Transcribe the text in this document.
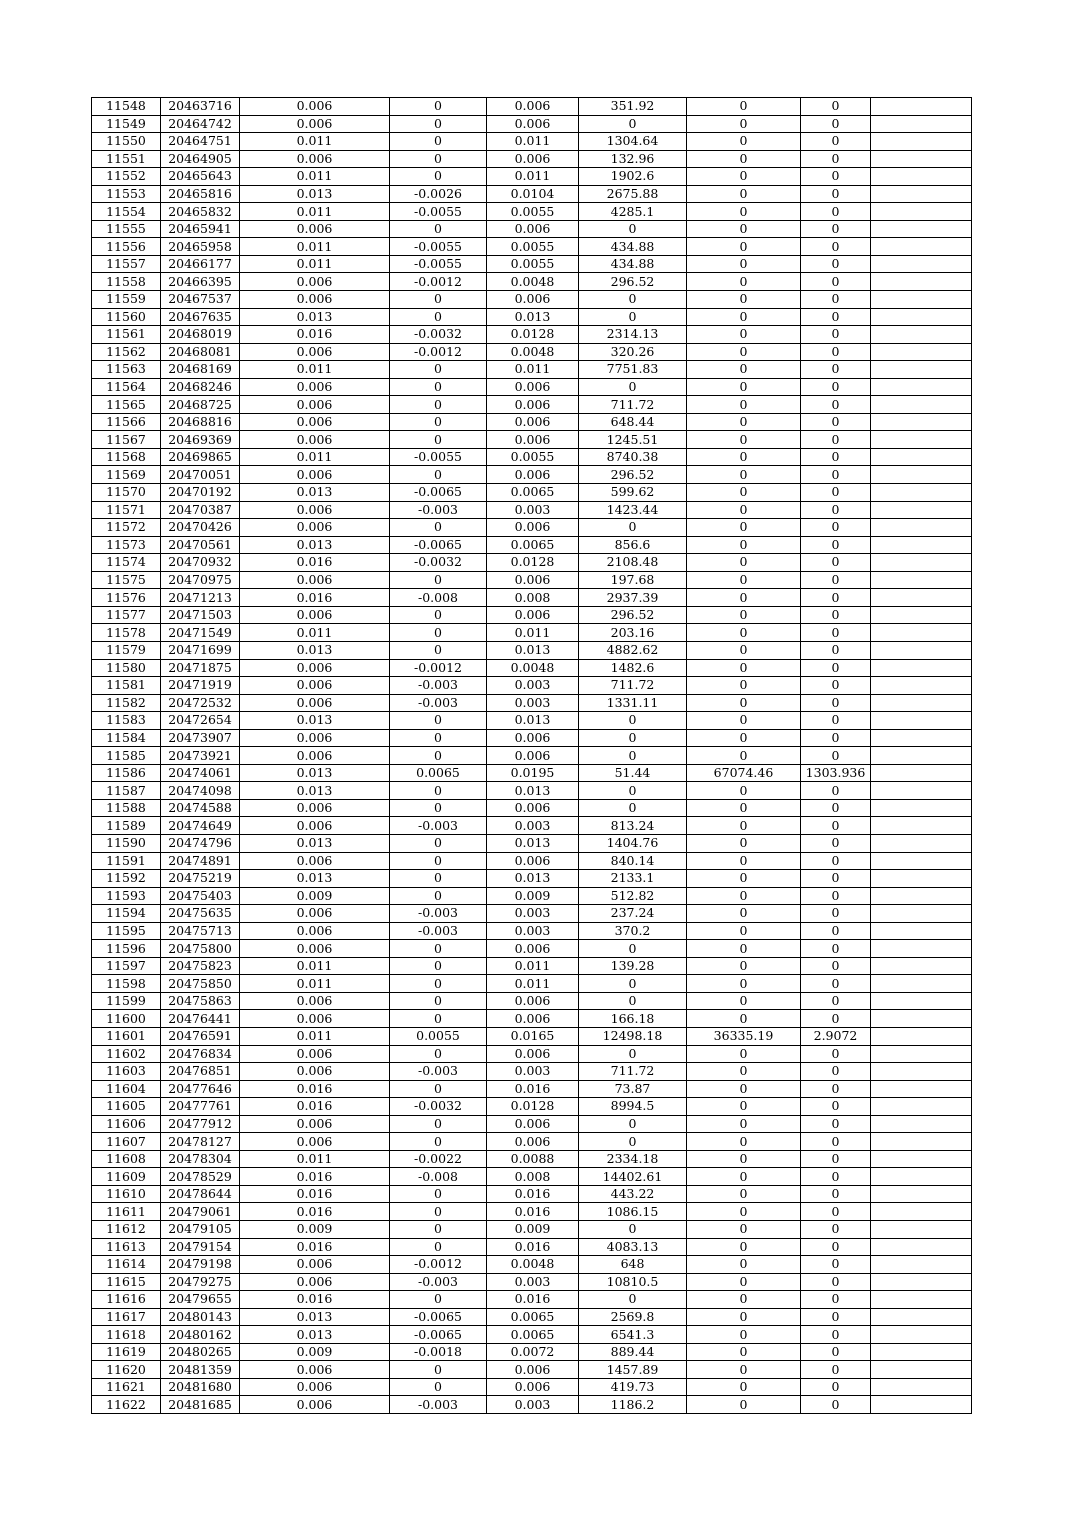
11548	20463716	0.006	0	0.006	351.92	0	0	
11549	20464742	0.006	0	0.006	0	0	0	
11550	20464751	0.011	0	0.011	1304.64	0	0	
11551	20464905	0.006	0	0.006	132.96	0	0	
11552	20465643	0.011	0	0.011	1902.6	0	0	
11553	20465816	0.013	-0.0026	0.0104	2675.88	0	0	
11554	20465832	0.011	-0.0055	0.0055	4285.1	0	0	
11555	20465941	0.006	0	0.006	0	0	0	
11556	20465958	0.011	-0.0055	0.0055	434.88	0	0	
11557	20466177	0.011	-0.0055	0.0055	434.88	0	0	
11558	20466395	0.006	-0.0012	0.0048	296.52	0	0	
11559	20467537	0.006	0	0.006	0	0	0	
11560	20467635	0.013	0	0.013	0	0	0	
11561	20468019	0.016	-0.0032	0.0128	2314.13	0	0	
11562	20468081	0.006	-0.0012	0.0048	320.26	0	0	
11563	20468169	0.011	0	0.011	7751.83	0	0	
11564	20468246	0.006	0	0.006	0	0	0	
11565	20468725	0.006	0	0.006	711.72	0	0	
11566	20468816	0.006	0	0.006	648.44	0	0	
11567	20469369	0.006	0	0.006	1245.51	0	0	
11568	20469865	0.011	-0.0055	0.0055	8740.38	0	0	
11569	20470051	0.006	0	0.006	296.52	0	0	
11570	20470192	0.013	-0.0065	0.0065	599.62	0	0	
11571	20470387	0.006	-0.003	0.003	1423.44	0	0	
11572	20470426	0.006	0	0.006	0	0	0	
11573	20470561	0.013	-0.0065	0.0065	856.6	0	0	
11574	20470932	0.016	-0.0032	0.0128	2108.48	0	0	
11575	20470975	0.006	0	0.006	197.68	0	0	
11576	20471213	0.016	-0.008	0.008	2937.39	0	0	
11577	20471503	0.006	0	0.006	296.52	0	0	
11578	20471549	0.011	0	0.011	203.16	0	0	
11579	20471699	0.013	0	0.013	4882.62	0	0	
11580	20471875	0.006	-0.0012	0.0048	1482.6	0	0	
11581	20471919	0.006	-0.003	0.003	711.72	0	0	
11582	20472532	0.006	-0.003	0.003	1331.11	0	0	
11583	20472654	0.013	0	0.013	0	0	0	
11584	20473907	0.006	0	0.006	0	0	0	
11585	20473921	0.006	0	0.006	0	0	0	
11586	20474061	0.013	0.0065	0.0195	51.44	67074.46	1303.936	
11587	20474098	0.013	0	0.013	0	0	0	
11588	20474588	0.006	0	0.006	0	0	0	
11589	20474649	0.006	-0.003	0.003	813.24	0	0	
11590	20474796	0.013	0	0.013	1404.76	0	0	
11591	20474891	0.006	0	0.006	840.14	0	0	
11592	20475219	0.013	0	0.013	2133.1	0	0	
11593	20475403	0.009	0	0.009	512.82	0	0	
11594	20475635	0.006	-0.003	0.003	237.24	0	0	
11595	20475713	0.006	-0.003	0.003	370.2	0	0	
11596	20475800	0.006	0	0.006	0	0	0	
11597	20475823	0.011	0	0.011	139.28	0	0	
11598	20475850	0.011	0	0.011	0	0	0	
11599	20475863	0.006	0	0.006	0	0	0	
11600	20476441	0.006	0	0.006	166.18	0	0	
11601	20476591	0.011	0.0055	0.0165	12498.18	36335.19	2.9072	
11602	20476834	0.006	0	0.006	0	0	0	
11603	20476851	0.006	-0.003	0.003	711.72	0	0	
11604	20477646	0.016	0	0.016	73.87	0	0	
11605	20477761	0.016	-0.0032	0.0128	8994.5	0	0	
11606	20477912	0.006	0	0.006	0	0	0	
11607	20478127	0.006	0	0.006	0	0	0	
11608	20478304	0.011	-0.0022	0.0088	2334.18	0	0	
11609	20478529	0.016	-0.008	0.008	14402.61	0	0	
11610	20478644	0.016	0	0.016	443.22	0	0	
11611	20479061	0.016	0	0.016	1086.15	0	0	
11612	20479105	0.009	0	0.009	0	0	0	
11613	20479154	0.016	0	0.016	4083.13	0	0	
11614	20479198	0.006	-0.0012	0.0048	648	0	0	
11615	20479275	0.006	-0.003	0.003	10810.5	0	0	
11616	20479655	0.016	0	0.016	0	0	0	
11617	20480143	0.013	-0.0065	0.0065	2569.8	0	0	
11618	20480162	0.013	-0.0065	0.0065	6541.3	0	0	
11619	20480265	0.009	-0.0018	0.0072	889.44	0	0	
11620	20481359	0.006	0	0.006	1457.89	0	0	
11621	20481680	0.006	0	0.006	419.73	0	0	
11622	20481685	0.006	-0.003	0.003	1186.2	0	0	
